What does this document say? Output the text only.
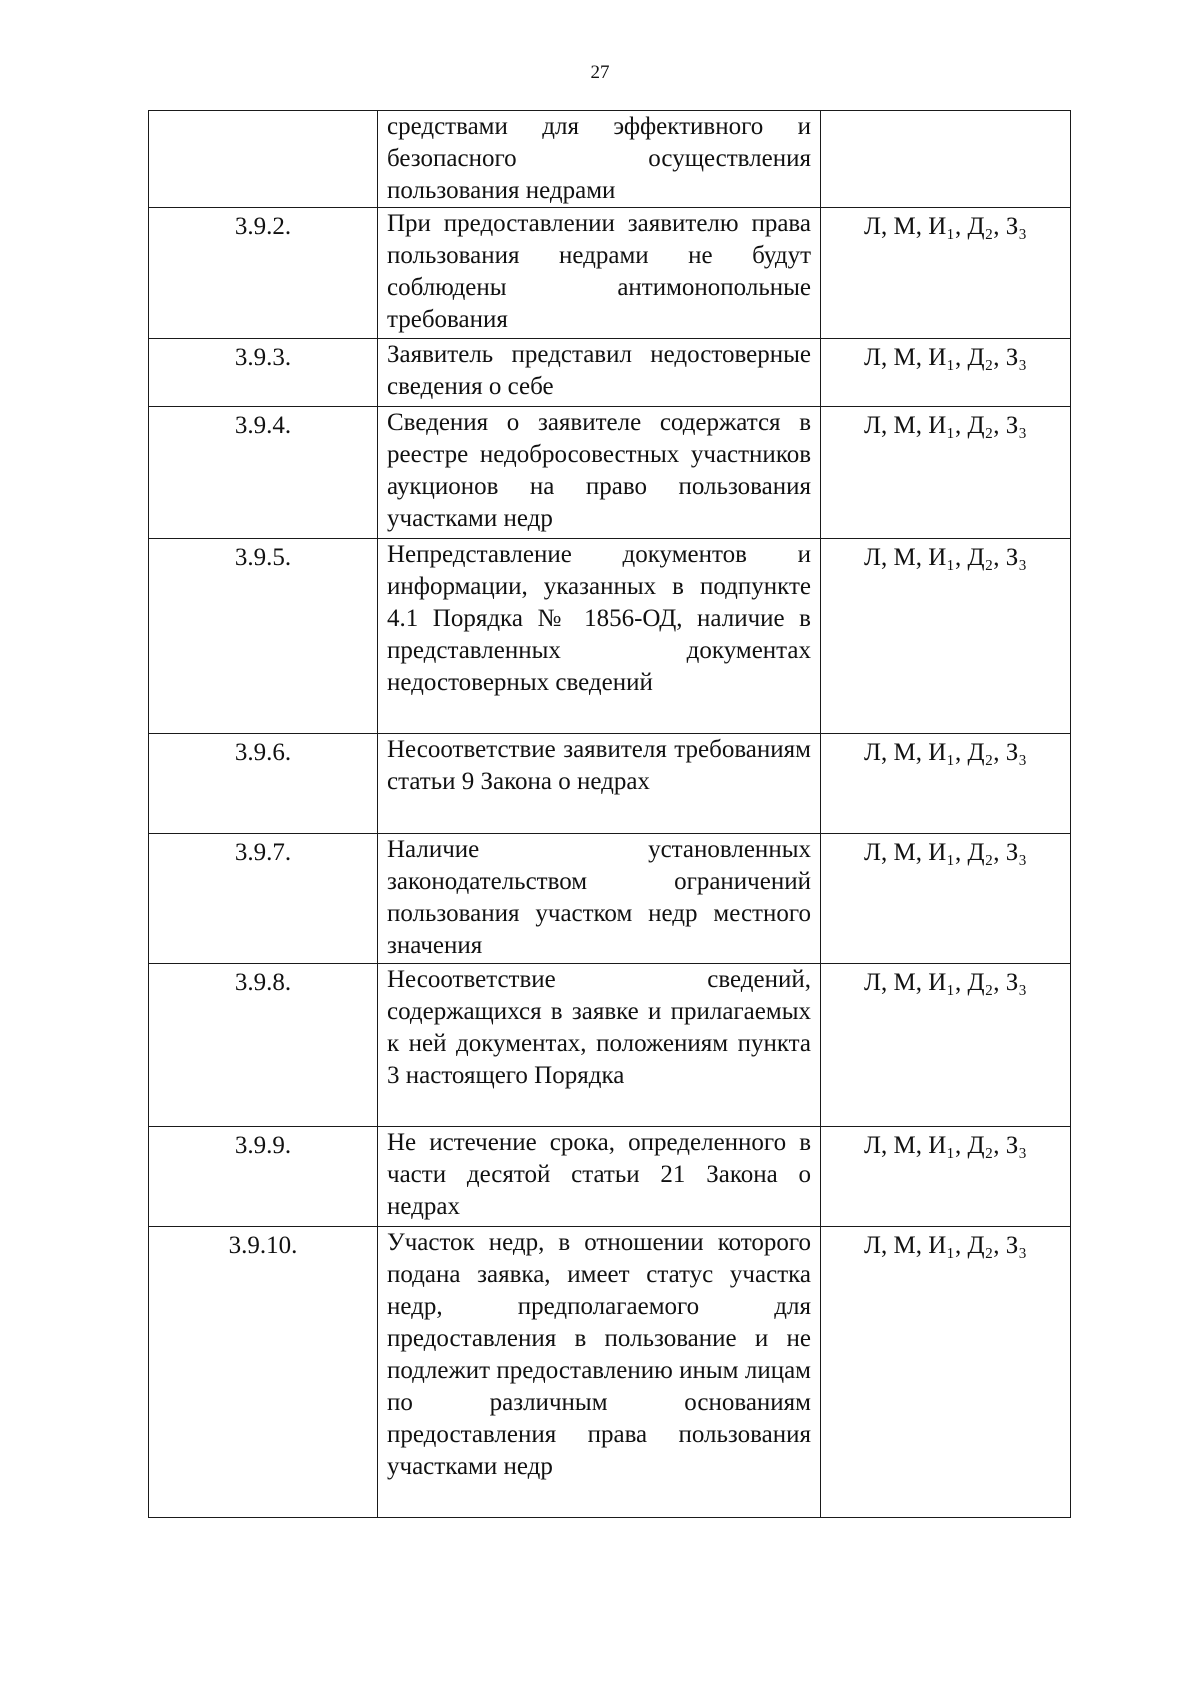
27
	средствами для эффективного и безопасного осуществления пользования недрами	
3.9.2.	При предоставлении заявителю права пользования недрами не будут соблюдены антимонопольные требования	Л, М, И₁, Д₂, З₃
3.9.3.	Заявитель представил недостоверные сведения о себе	Л, М, И₁, Д₂, З₃
3.9.4.	Сведения о заявителе содержатся в реестре недобросовестных участников аукционов на право пользования участками недр	Л, М, И₁, Д₂, З₃
3.9.5.	Непредставление документов и информации, указанных в подпункте 4.1 Порядка № 1856-ОД, наличие в представленных документах недостоверных сведений	Л, М, И₁, Д₂, З₃
3.9.6.	Несоответствие заявителя требованиям статьи 9 Закона о недрах	Л, М, И₁, Д₂, З₃
3.9.7.	Наличие установленных законодательством ограничений пользования участком недр местного значения	Л, М, И₁, Д₂, З₃
3.9.8.	Несоответствие сведений, содержащихся в заявке и прилагаемых к ней документах, положениям пункта 3 настоящего Порядка	Л, М, И₁, Д₂, З₃
3.9.9.	Не истечение срока, определенного в части десятой статьи 21 Закона о недрах	Л, М, И₁, Д₂, З₃
3.9.10.	Участок недр, в отношении которого подана заявка, имеет статус участка недр, предполагаемого для предоставления в пользование и не подлежит предоставлению иным лицам по различным основаниям предоставления права пользования участками недр	Л, М, И₁, Д₂, З₃
